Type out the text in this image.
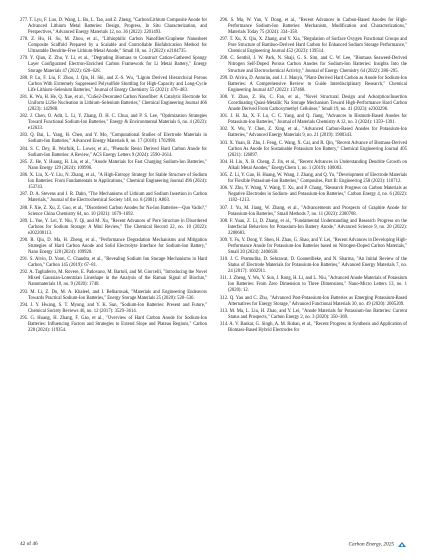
277. T. Lyu, F. Luo, D. Wang, L. Bu, L. Tao, and Z. Zheng, "Carbon/Lithium Composite Anode for Advanced Lithium Metal Batteries: Design, Progress, In Situ Characterization, and Perspectives," Advanced Energy Materials 12, no. 36 (2022): 2201493.

278. Z. Hu, H. Su, M. Zhou, et al., "Lithiophilic Carbon Nanofiber/Graphene Nanosheet Composite Scaffold Prepared by a Scalable and Controllable Biofabrication Method for Ultrastable Dendrite-Free Lithium-Metal Anode," Small 18, no. 3 (2022): e2104735.

279. Y. Qian, Z. Zhu, Y. Li, et al., "Degrading Biomass to Construct Cation-Gathered Spongy Layer Configurated Electron-Enriched Carbon Framework for Li Metal Battery," Energy Storage Materials 47 (2022): 620–628.

280. P. Lu, F. Liu, F. Zhou, J. Qin, H. Shi, and Z.-S. Wu, "Lignin Derived Hierarchical Porous Carbon With Extremely Suppressed Polysulfide Shuttling for High-Capacity and Long-Cycle Life Lithium–Selenium Batteries," Journal of Energy Chemistry 55 (2021): 476–483.

281. K. Wu, H. He, Q. Xue, et al., "CuSe2-Decorated Carbon Nanofiber: A Catalytic Electrode for Uniform Li2Se Nucleation in Lithium–Selenium Batteries," Chemical Engineering Journal 466 (2023): 142988.

282. J. Chen, O. Adit, L. Li, Y. Zhang, D. H. C. Chua, and P. S. Lee, "Optimization Strategies Toward Functional Sodium-Ion Batteries," Energy & Environmental Materials 6, no. 4 (2023): e12633.

283. Q. Bai, L. Yang, H. Chen, and Y. Mo, "Computational Studies of Electrode Materials in Sodium-Ion Batteries," Advanced Energy Materials 8, no. 17 (2018): 1702998.

284. S. C. Dey, B. Worfolk, L. Lower, et al., "Phenolic Resin Derived Hard Carbon Anode for Sodium-Ion Batteries: A Review," ACS Energy Letters 9 (2024): 2590–2614.

285. Z. He, Y. Huang, H. Liu, et al., "Anode Materials for Fast Charging Sodium-Ion Batteries," Nano Energy 129 (2024): 109996.

286. X. Liu, X.-Y. Liu, N. Zhang, et al., "A High-Entropy Strategy for Stable Structure of Sodium Ion Batteries: From Fundamentals to Applications," Chemical Engineering Journal 496 (2024): 153743.

287. D. A. Stevens and J. R. Dahn, "The Mechanisms of Lithium and Sodium Insertion in Carbon Materials," Journal of the Electrochemical Society 148, no. 8 (2001): A803.

288. F. Xie, Z. Xu, Z. Guo, et al., "Disordered Carbon Anodes for Na-Ion Batteries—Quo Vadis?," Science China Chemistry 64, no. 10 (2021): 1679–1692.

289. L. Yue, Y. Lei, Y. Niu, Y. Qi, and M. Xu, "Recent Advances of Pore Structure in Disordered Carbons for Sodium Storage: A Mini Review," The Chemical Record 22, no. 10 (2022): e202200113.

290. R. Qiu, D. Ma, H. Zheng, et al., "Performance Degradation Mechanisms and Mitigation Strategies of Hard Carbon Anode and Solid Electrolyte Interface for Sodium-Ion Battery," Nano Energy 128 (2024): 109920.

291. S. Alvin, D. Yoon, C. Chandra, et al., "Revealing Sodium Ion Storage Mechanisms in Hard Carbon," Carbon 145 (2019): 67–81.

292. A. Tagliaferro, M. Rovere, E. Padovano, M. Bartoli, and M. Giorcelli, "Introducing the Novel Mixed Gaussian-Lorentzian Lineshape in the Analysis of the Raman Signal of Biochar," Nanomaterials 10, no. 9 (2020): 1748.

293. M. Li, Z. Du, M. A. Khaleel, and I. Belharouak, "Materials and Engineering Endeavors Towards Practical Sodium-Ion Batteries," Energy Storage Materials 25 (2020): 520–536.

294. J. Y. Hwang, S. T. Myung, and Y. K. Sun, "Sodium-Ion Batteries: Present and Future," Chemical Society Reviews 46, no. 12 (2017): 3529–3614.

295. G. Huang, H. Zhang, F. Gao, et al., "Overview of Hard Carbon Anode for Sodium-Ion Batteries: Influencing Factors and Strategies to Extend Slope and Plateau Regions," Carbon 228 (2024): 119354.

296. S. Ma, W. Yan, Y. Dong, et al., "Recent Advances in Carbon-Based Anodes for High-Performance Sodium-Ion Batteries: Mechanism, Modification and Characterizations," Materials Today 75 (2024): 334–358.

297. T. Xu, X. Qiu, X. Zhang, and Y. Xia, "Regulation of Surface Oxygen Functional Groups and Pore Structure of Bamboo-Derived Hard Carbon for Enhanced Sodium Storage Performance," Chemical Engineering Journal 452 (2023): 139514.

298. C. Senthil, J. W. Park, N. Shaji, G. S. Sim, and C. W. Lee, "Biomass Seaweed-Derived Nitrogen Self-Doped Porous Carbon Anodes for Sodium-Ion Batteries: Insights Into the Structure and Electrochemical Activity," Journal of Energy Chemistry 64 (2022): 286–295.

299. D. Alvira, D. Antorán, and J. J. Manyà, "Plant-Derived Hard Carbon as Anode for Sodium-Ion Batteries: A Comprehensive Review to Guide Interdisciplinary Research," Chemical Engineering Journal 447 (2022): 137468.

300. Y. Zhao, Z. Hu, C. Fan, et al., "Novel Structural Design and Adsorption/Insertion Coordinating Quasi-Metallic Na Storage Mechanism Toward High-Performance Hard Carbon Anode Derived From Carboxymethyl Cellulose," Small 19, no. 41 (2023): e2303296.

301. J. H. Jia, X. F. Lu, C. C. Yang, and Q. Jiang, "Advances in Bismuth-Based Anodes for Potassium-Ion Batteries," Journal of Materials Chemistry A 12, no. 3 (2024): 1359–1391.

302. X. Wu, Y. Chen, Z. Xing, et al., "Advanced Carbon-Based Anodes for Potassium-Ion Batteries," Advanced Energy Materials 9, no. 21 (2019): 1900343.

303. X. Yuan, B. Zhu, J. Feng, C. Wang, X. Cai, and R. Qin, "Recent Advance of Biomass-Derived Carbon As Anode for Sustainable Potassium Ion Battery," Chemical Engineering Journal 405 (2021): 126897.

304. H. Liu, X. B. Cheng, Z. Jin, et al., "Recent Advances in Understanding Dendrite Growth on Alkali Metal Anodes," EnergyChem 1, no. 1 (2019): 100003.

305. Z. Li, Y. Gao, H. Huang, W. Wang, J. Zhang, and Q. Yu, "Development of Electrode Materials for Flexible Potassium-Ion Batteries," Composites, Part B: Engineering 258 (2023): 110712.

306. Y. Zhu, Y. Wang, Y. Wang, T. Xu, and P. Chang, "Research Progress on Carbon Materials as Negative Electrodes in Sodium- and Potassium-Ion Batteries," Carbon Energy 4, no. 6 (2022): 1182–1213.

307. J. Yu, M. Jiang, W. Zhang, et al., "Advancements and Prospects of Graphite Anode for Potassium-Ion Batteries," Small Methods 7, no. 11 (2023): 2300708.

308. F. Yuan, Z. Li, D. Zhang, et al., "Fundamental Understanding and Research Progress on the Interfacial Behaviors for Potassium-Ion Battery Anode," Advanced Science 9, no. 20 (2022): 2200683.

309. Y. Fu, Y. Dong, Y. Shen, H. Zhao, G. Shao, and Y. Lei, "Recent Advances in Developing High-Performance Anode for Potassium-Ion Batteries based on Nitrogen-Doped Carbon Materials," Small 20 (2024): 2406630.

310. J. C. Pramudita, D. Sehrawat, D. Goonetilleke, and N. Sharma, "An Initial Review of the Status of Electrode Materials for Potassium-Ion Batteries," Advanced Energy Materials 7, no. 24 (2017): 1602911.

311. J. Zheng, Y. Wu, Y. Sun, J. Rong, H. Li, and L. Niu, "Advanced Anode Materials of Potassium Ion Batteries: From Zero Dimension to Three Dimensions," Nano-Micro Letters 13, no. 1 (2020): 12.

312. Q. Yao and C. Zhu, "Advanced Post-Potassium-Ion Batteries as Emerging Potassium-Based Alternatives for Energy Storage," Advanced Functional Materials 30, no. 49 (2020): 2005209.

313. M. Ma, L. Liu, H. Zhao, and Y. Lei, "Anode Materials for Potassium-Ion Batteries: Current Status and Prospects," Carbon Energy 2, no. 3 (2020): 350–369.

314. A. V. Baskar, G. Singh, A. M. Ruban, et al., "Recent Progress in Synthesis and Application of Biomass-Based Hybrid Electrodes for

42 of 46	Carbon Energy, 2025
